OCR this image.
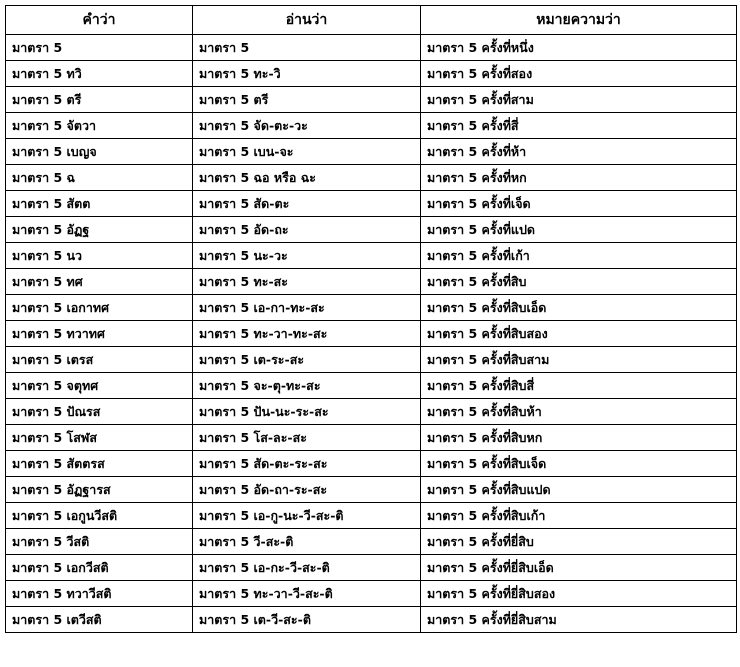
คำว่า	อ่านว่า	หมายความว่า
มาตรา 5	มาตรา 5	มาตรา 5 ครั้งที่หนึ่ง
มาตรา 5 ทวิ	มาตรา 5 ทะ-วิ	มาตรา 5 ครั้งที่สอง
มาตรา 5 ตรี	มาตรา 5 ตรี	มาตรา 5 ครั้งที่สาม
มาตรา 5 จัตวา	มาตรา 5 จัด-ตะ-วะ	มาตรา 5 ครั้งที่สี่
มาตรา 5 เบญจ	มาตรา 5 เบน-จะ	มาตรา 5 ครั้งที่ห้า
มาตรา 5 ฉ	มาตรา 5 ฉอ หรือ ฉะ	มาตรา 5 ครั้งที่หก
มาตรา 5 สัตต	มาตรา 5 สัด-ตะ	มาตรา 5 ครั้งที่เจ็ด
มาตรา 5 อัฏฐ	มาตรา 5 อัด-ถะ	มาตรา 5 ครั้งที่แปด
มาตรา 5 นว	มาตรา 5 นะ-วะ	มาตรา 5 ครั้งที่เก้า
มาตรา 5 ทศ	มาตรา 5 ทะ-สะ	มาตรา 5 ครั้งที่สิบ
มาตรา 5 เอกาทศ	มาตรา 5 เอ-กา-ทะ-สะ	มาตรา 5 ครั้งที่สิบเอ็ด
มาตรา 5 ทวาทศ	มาตรา 5 ทะ-วา-ทะ-สะ	มาตรา 5 ครั้งที่สิบสอง
มาตรา 5 เตรส	มาตรา 5 เต-ระ-สะ	มาตรา 5 ครั้งที่สิบสาม
มาตรา 5 จตุทศ	มาตรา 5 จะ-ตุ-ทะ-สะ	มาตรา 5 ครั้งที่สิบสี่
มาตรา 5 ปัณรส	มาตรา 5 ปัน-นะ-ระ-สะ	มาตรา 5 ครั้งที่สิบห้า
มาตรา 5 โสฬส	มาตรา 5 โส-ละ-สะ	มาตรา 5 ครั้งที่สิบหก
มาตรา 5 สัตตรส	มาตรา 5 สัด-ตะ-ระ-สะ	มาตรา 5 ครั้งที่สิบเจ็ด
มาตรา 5 อัฏฐารส	มาตรา 5 อัด-ถา-ระ-สะ	มาตรา 5 ครั้งที่สิบแปด
มาตรา 5 เอกูนวีสติ	มาตรา 5 เอ-กู-นะ-วี-สะ-ติ	มาตรา 5 ครั้งที่สิบเก้า
มาตรา 5 วีสติ	มาตรา 5 วี-สะ-ติ	มาตรา 5 ครั้งที่ยี่สิบ
มาตรา 5 เอกวีสติ	มาตรา 5 เอ-กะ-วี-สะ-ติ	มาตรา 5 ครั้งที่ยี่สิบเอ็ด
มาตรา 5 ทวาวีสติ	มาตรา 5 ทะ-วา-วี-สะ-ติ	มาตรา 5 ครั้งที่ยี่สิบสอง
มาตรา 5 เตวีสติ	มาตรา 5 เต-วี-สะ-ติ	มาตรา 5 ครั้งที่ยี่สิบสาม
